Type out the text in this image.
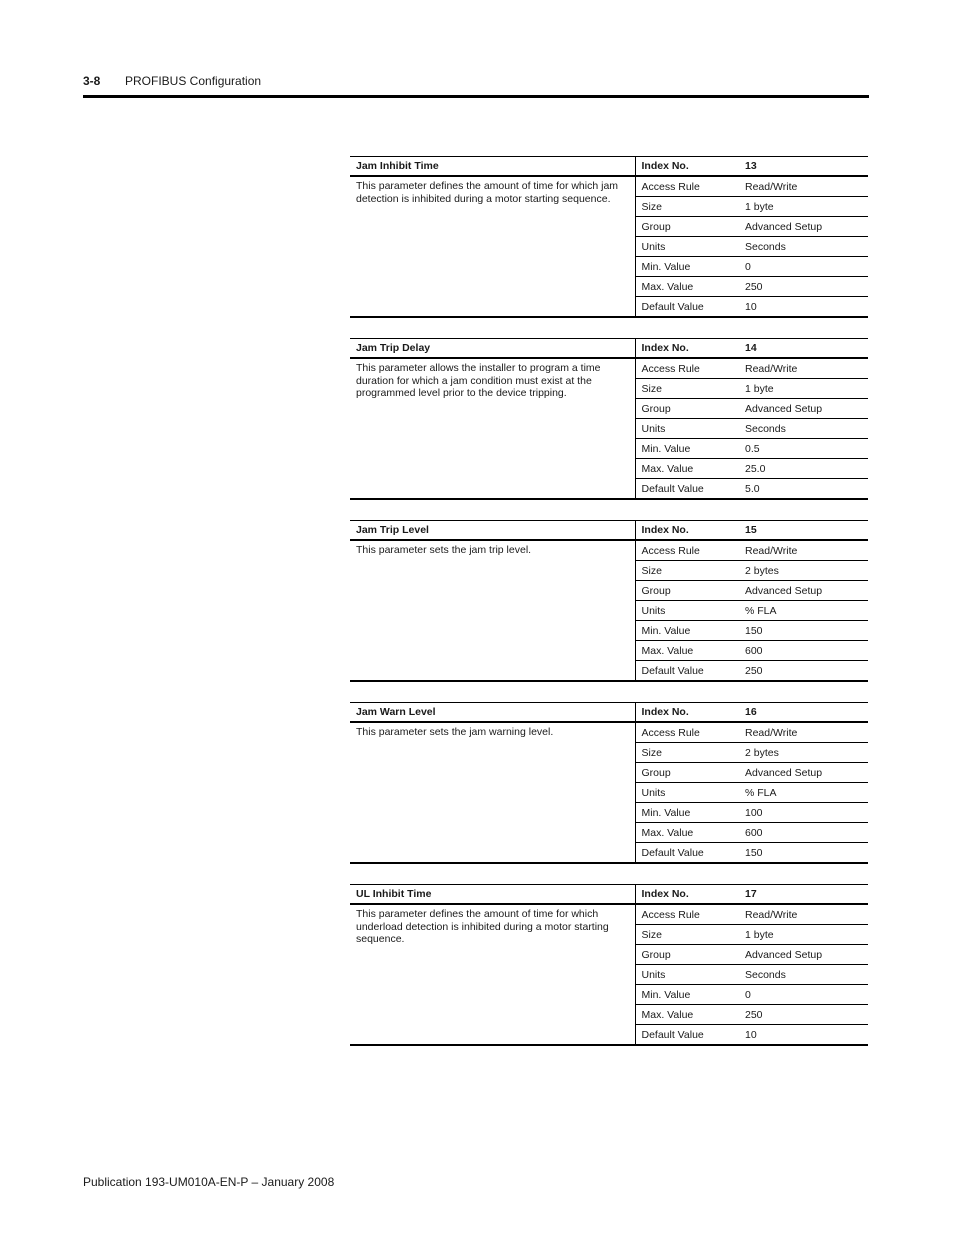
3-8 PROFIBUS Configuration
Jam Inhibit Time	Index No.	13
This parameter defines the amount of time for which jam detection is inhibited during a motor starting sequence.	Access Rule	Read/Write
	Size	1 byte
	Group	Advanced Setup
	Units	Seconds
	Min. Value	0
	Max. Value	250
	Default Value	10
Jam Trip Delay	Index No.	14
This parameter allows the installer to program a time duration for which a jam condition must exist at the programmed level prior to the device tripping.	Access Rule	Read/Write
	Size	1 byte
	Group	Advanced Setup
	Units	Seconds
	Min. Value	0.5
	Max. Value	25.0
	Default Value	5.0
Jam Trip Level	Index No.	15
This parameter sets the jam trip level.	Access Rule	Read/Write
	Size	2 bytes
	Group	Advanced Setup
	Units	% FLA
	Min. Value	150
	Max. Value	600
	Default Value	250
Jam Warn Level	Index No.	16
This parameter sets the jam warning level.	Access Rule	Read/Write
	Size	2 bytes
	Group	Advanced Setup
	Units	% FLA
	Min. Value	100
	Max. Value	600
	Default Value	150
UL Inhibit Time	Index No.	17
This parameter defines the amount of time for which underload detection is inhibited during a motor starting sequence.	Access Rule	Read/Write
	Size	1 byte
	Group	Advanced Setup
	Units	Seconds
	Min. Value	0
	Max. Value	250
	Default Value	10
Publication 193-UM010A-EN-P – January 2008
